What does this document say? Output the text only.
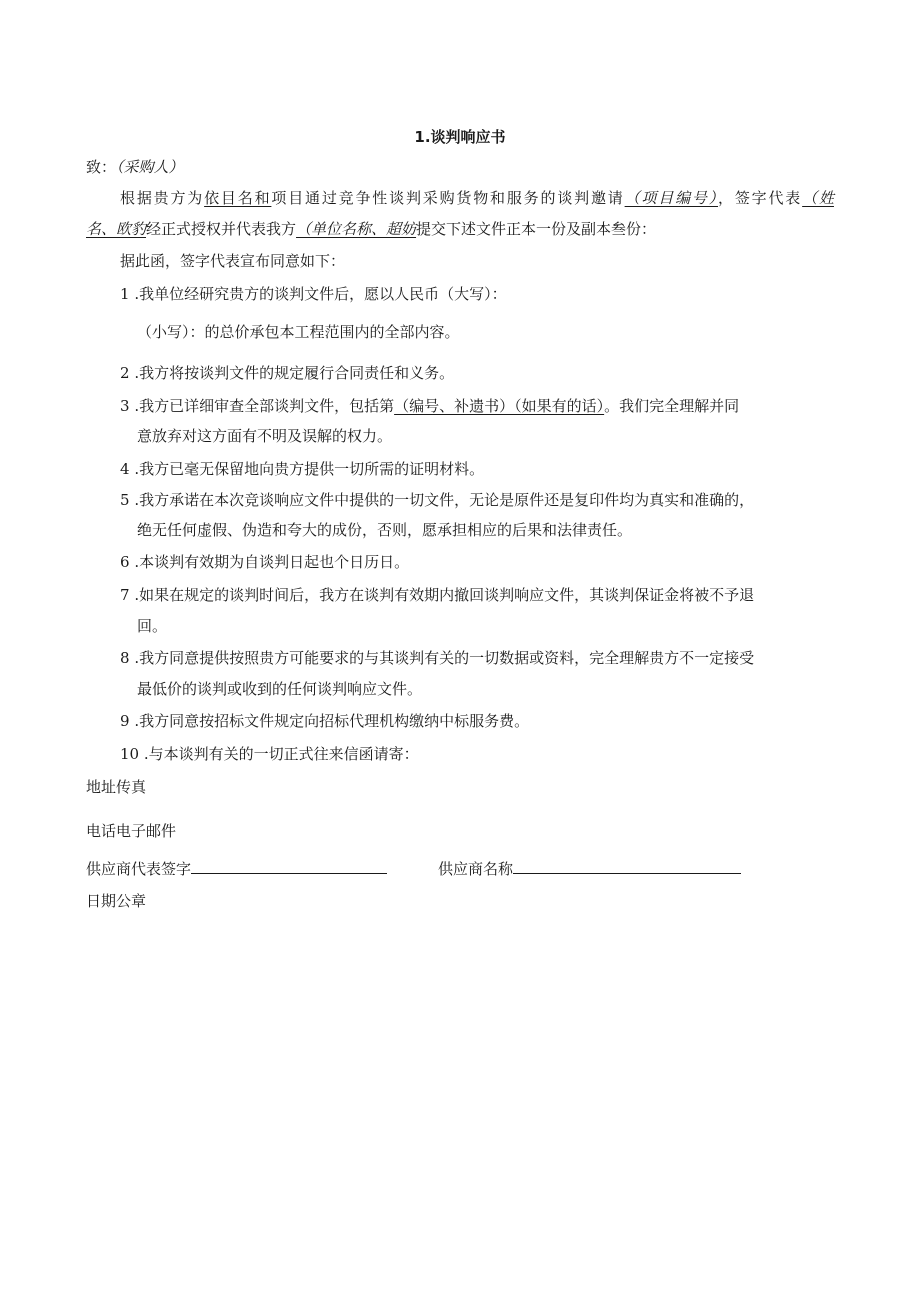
1.谈判响应书
致：（采购人）
根据贵方为依目名和项目通过竞争性谈判采购货物和服务的谈判邀请（项目编号），签字代表（姓
名、欧豹经正式授权并代表我方（单位名称、超妨提交下述文件正本一份及副本叁份：
据此函，签字代表宣布同意如下：
1 .我单位经研究贵方的谈判文件后，愿以人民币（大写）：
（小写）：的总价承包本工程范围内的全部内容。
2 .我方将按谈判文件的规定履行合同责任和义务。
3 .我方已详细审查全部谈判文件，包括第（编号、补遗书）（如果有的话）。我们完全理解并同
意放弃对这方面有不明及误解的权力。
4 .我方已毫无保留地向贵方提供一切所需的证明材料。
5 .我方承诺在本次竞谈响应文件中提供的一切文件，无论是原件还是复印件均为真实和准确的，
绝无任何虚假、伪造和夸大的成份，否则，愿承担相应的后果和法律责任。
6 .本谈判有效期为自谈判日起也个日历日。
7 .如果在规定的谈判时间后，我方在谈判有效期内撤回谈判响应文件，其谈判保证金将被不予退
回。
8 .我方同意提供按照贵方可能要求的与其谈判有关的一切数据或资料，完全理解贵方不一定接受
最低价的谈判或收到的任何谈判响应文件。
9 .我方同意按招标文件规定向招标代理机构缴纳中标服务费。
10 .与本谈判有关的一切正式往来信函请寄：
地址传真
电话电子邮件
供应商代表签字	供应商名称
日期公章
